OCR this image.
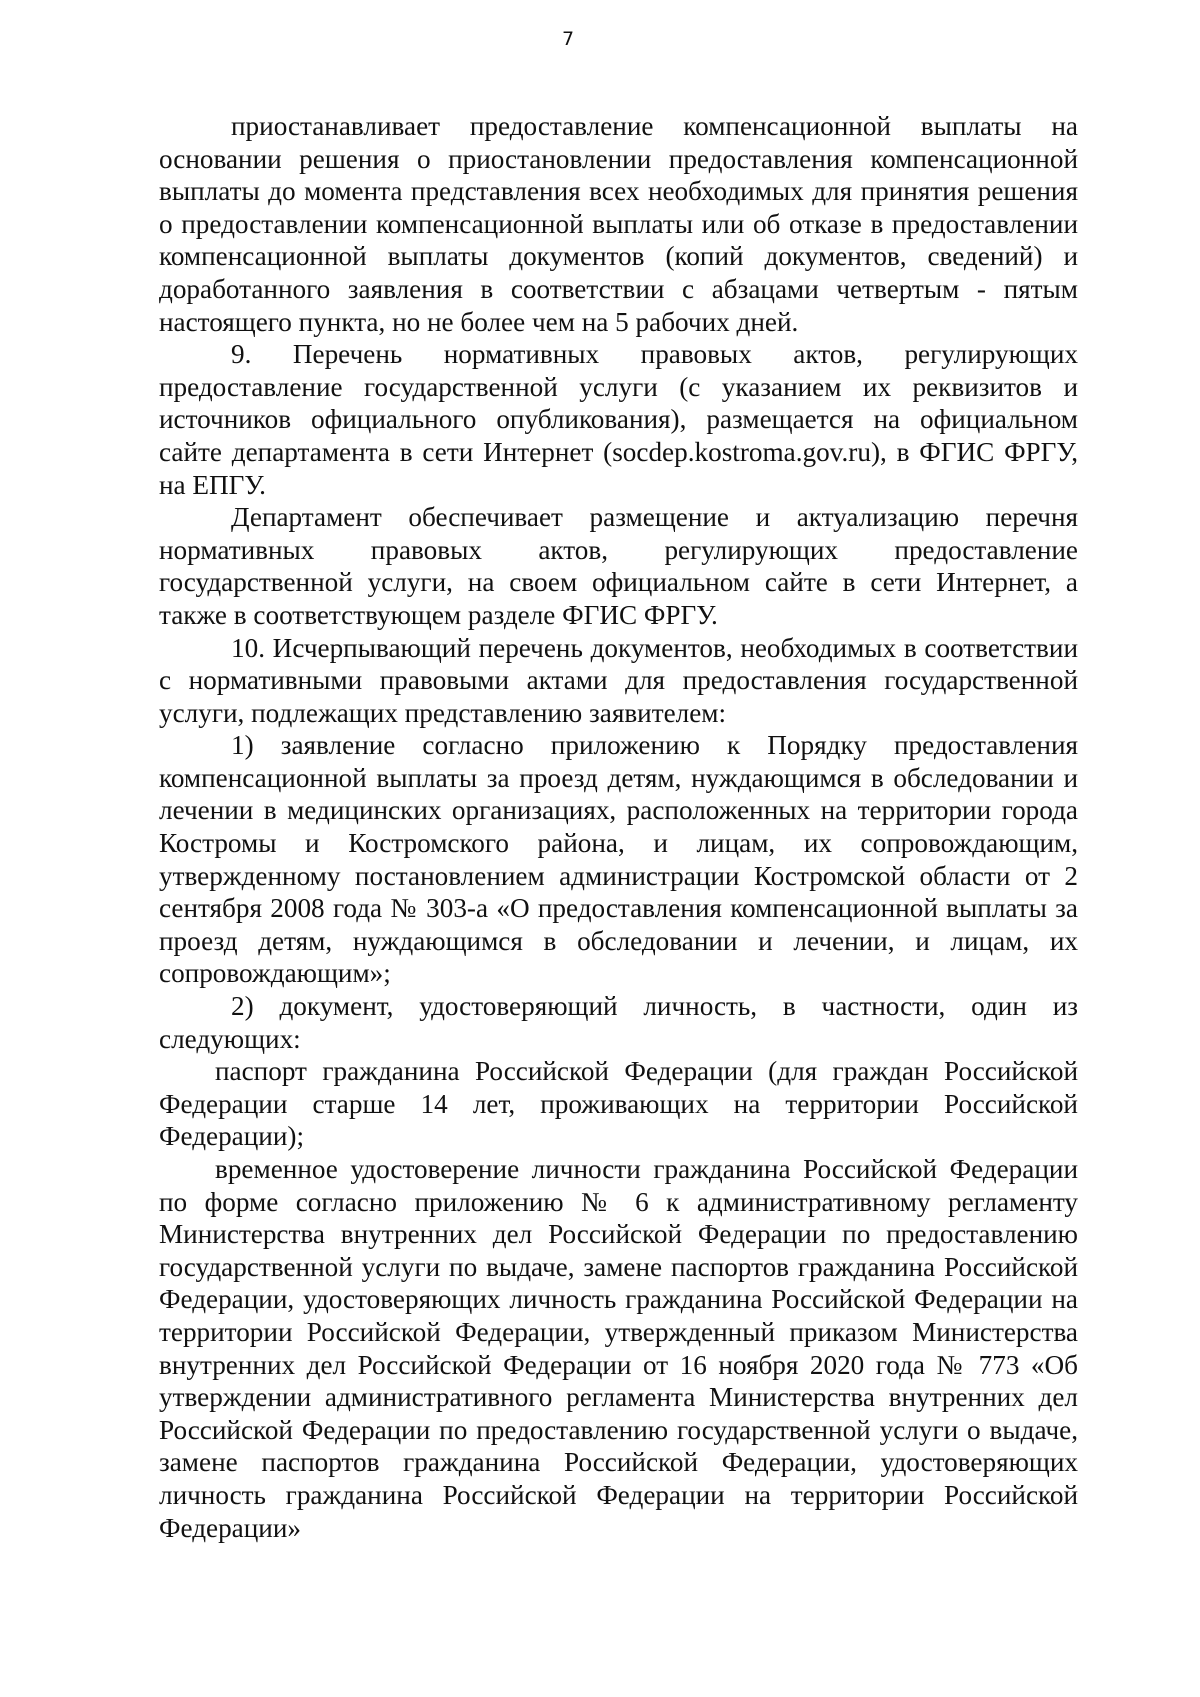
7

приостанавливает предоставление компенсационной выплаты на основании решения о приостановлении предоставления компенсационной выплаты до момента представления всех необходимых для принятия решения о предоставлении компенсационной выплаты или об отказе в предоставлении компенсационной выплаты документов (копий документов, сведений) и доработанного заявления в соответствии с абзацами четвертым - пятым настоящего пункта, но не более чем на 5 рабочих дней.

9. Перечень нормативных правовых актов, регулирующих предоставление государственной услуги (с указанием их реквизитов и источников официального опубликования), размещается на официальном сайте департамента в сети Интернет (socdep.kostroma.gov.ru), в ФГИС ФРГУ, на ЕПГУ.

Департамент обеспечивает размещение и актуализацию перечня нормативных правовых актов, регулирующих предоставление государственной услуги, на своем официальном сайте в сети Интернет, а также в соответствующем разделе ФГИС ФРГУ.

10. Исчерпывающий перечень документов, необходимых в соответствии с нормативными правовыми актами для предоставления государственной услуги, подлежащих представлению заявителем:

1) заявление согласно приложению к Порядку предоставления компенсационной выплаты за проезд детям, нуждающимся в обследовании и лечении в медицинских организациях, расположенных на территории города Костромы и Костромского района, и лицам, их сопровождающим, утвержденному постановлением администрации Костромской области от 2 сентября 2008 года № 303-а «О предоставления компенсационной выплаты за проезд детям, нуждающимся в обследовании и лечении, и лицам, их сопровождающим»;

2) документ, удостоверяющий личность, в частности, один из следующих:

паспорт гражданина Российской Федерации (для граждан Российской Федерации старше 14 лет, проживающих на территории Российской Федерации);

временное удостоверение личности гражданина Российской Федерации по форме согласно приложению № 6 к административному регламенту Министерства внутренних дел Российской Федерации по предоставлению государственной услуги по выдаче, замене паспортов гражданина Российской Федерации, удостоверяющих личность гражданина Российской Федерации на территории Российской Федерации, утвержденный приказом Министерства внутренних дел Российской Федерации от 16 ноября 2020 года № 773 «Об утверждении административного регламента Министерства внутренних дел Российской Федерации по предоставлению государственной услуги о выдаче, замене паспортов гражданина Российской Федерации, удостоверяющих личность гражданина Российской Федерации на территории Российской Федерации»
